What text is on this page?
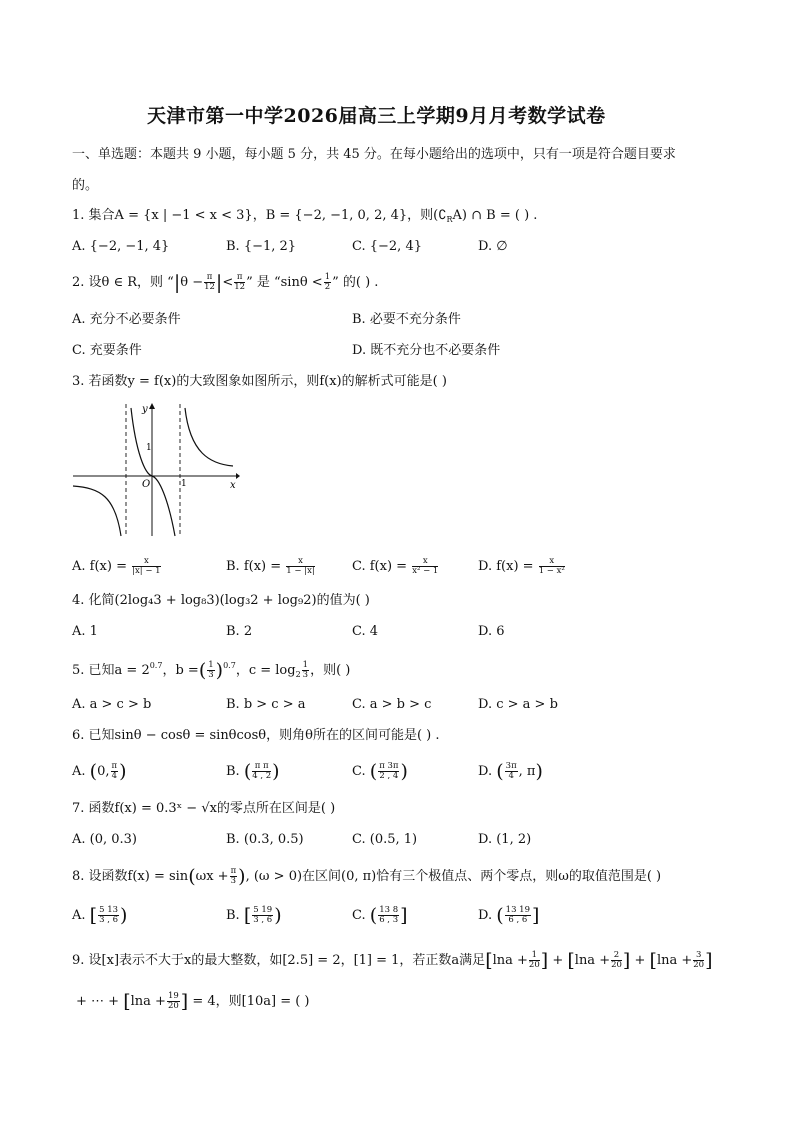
天津市第一中学2026届高三上学期9月月考数学试卷
一、单选题：本题共 9 小题，每小题 5 分，共 45 分。在每小题给出的选项中，只有一项是符合题目要求
的。
1. 集合A = {x | −1 < x < 3}，B = {−2, −1, 0, 2, 4}，则$(∁_RA)$ ∩ B = ( ) .
A. {−2, −1, 4}	B. {−1, 2}	C. {−2, 4}	D. ∅
2. 设θ ∈ R，则 “$|\theta - \frac{\pi}{12}$ |< $\frac{\pi}{12}$ ” 是 “$\sin\theta < \frac{1}{2}$ ” 的( ) .
A. 充分不必要条件	B. 必要不充分条件
C. 充要条件	D. 既不充分也不必要条件
3. 若函数y = f(x)的大致图象如图所示，则f(x)的解析式可能是( )
y
x
O
1
1
A. $f(x) = \frac{x}{|x| - 1}$	B. $f(x) = \frac{x}{1 - |x|}$	C. $f(x) = \frac{x}{\text{x² − 1}}$	D. $f(x) = \frac{x}{\text{1 − x²}}$
4. 化简(2log₄3 + log₈3)(log₃2 + log₉2)的值为( )
A. 1	B. 2	C. 4	D. 6
5. 已知$a = 2^{0.7}$，b =( $\frac{1}{3} )^{0.7}$，$c = \log_2 \frac{1}{3}$ ，则( )
A. a > c > b	B. b > c > a	C. a > b > c	D. c > a > b
6. 已知sinθ − cosθ = sinθcosθ，则角θ所在的区间可能是( ) .
A. (0, $\frac{\pi}{4}$ )	B. ( $\frac{\text{π π}}{4 , 2}$ )	C. ( $\frac{\pi 3\pi}{2 , 4}$ )	D. ( $\frac{3\pi}{4}$ , π)
7. 函数f(x) = 0.3ˣ − √x的零点所在区间是( )
A. (0, 0.3)	B. (0.3, 0.5)	C. (0.5, 1)	D. (1, 2)
8. 设函数$f(x) = \sin(\omega x + \frac{\pi}{3}$ ), (ω > 0)在区间(0, π)恰有三个极值点、两个零点，则ω的取值范围是( )
A. [ $\frac{5 13}{3 , 6}$ )	B. [ $\frac{5 19}{3 , 6}$ )	C. ( $\frac{13 8}{6 , 3}$ ]	D. ( $\frac{13 19}{6 , 6}$ ]
9. 设[x]表示不大于x的最大整数，如[2.5] = 2，[1] = 1，若正数a满足[$\ln a + \frac{1}{20}$ ] + [$\ln a + \frac{2}{20}$ ] + [$\ln a + \frac{3}{20}$ ]
+ ⋯ + [$\ln a + \frac{19}{20}$ ] = 4，则[10a] = ( )
